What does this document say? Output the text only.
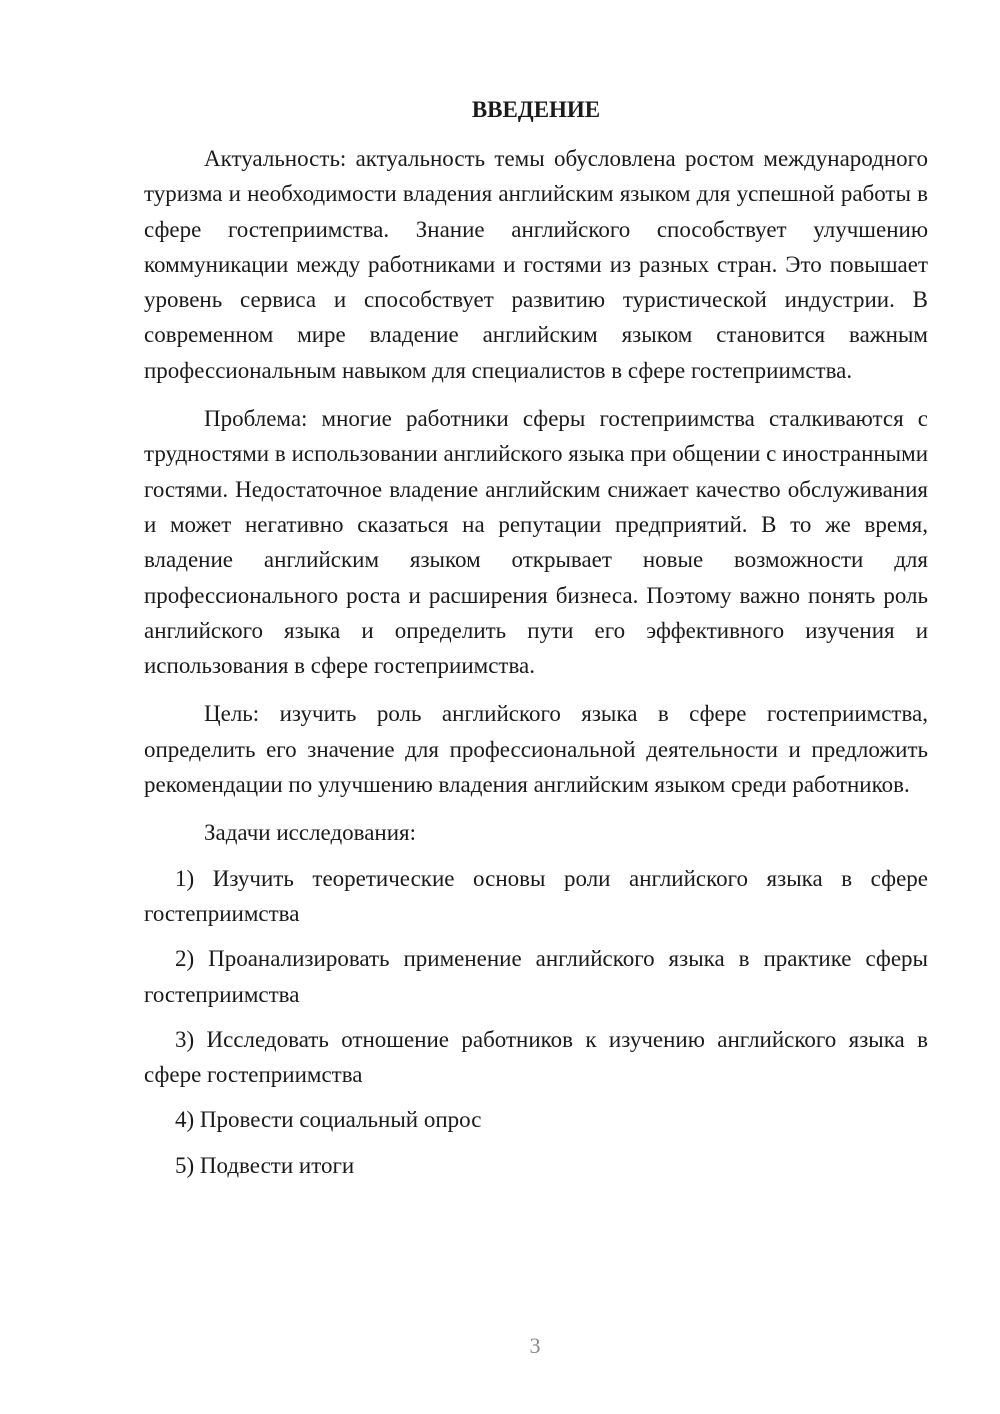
ВВЕДЕНИЕ

Актуальность: актуальность темы обусловлена ростом международного туризма и необходимости владения английским языком для успешной работы в сфере гостеприимства. Знание английского способствует улучшению коммуникации между работниками и гостями из разных стран. Это повышает уровень сервиса и способствует развитию туристической индустрии. В современном мире владение английским языком становится важным профессиональным навыком для специалистов в сфере гостеприимства.

Проблема: многие работники сферы гостеприимства сталкиваются с трудностями в использовании английского языка при общении с иностранными гостями. Недостаточное владение английским снижает качество обслуживания и может негативно сказаться на репутации предприятий. В то же время, владение английским языком открывает новые возможности для профессионального роста и расширения бизнеса. Поэтому важно понять роль английского языка и определить пути его эффективного изучения и использования в сфере гостеприимства.

Цель: изучить роль английского языка в сфере гостеприимства, определить его значение для профессиональной деятельности и предложить рекомендации по улучшению владения английским языком среди работников.

Задачи исследования:

1) Изучить теоретические основы роли английского языка в сфере гостеприимства

2) Проанализировать применение английского языка в практике сферы гостеприимства

3) Исследовать отношение работников к изучению английского языка в сфере гостеприимства

4) Провести социальный опрос

5) Подвести итоги

3
